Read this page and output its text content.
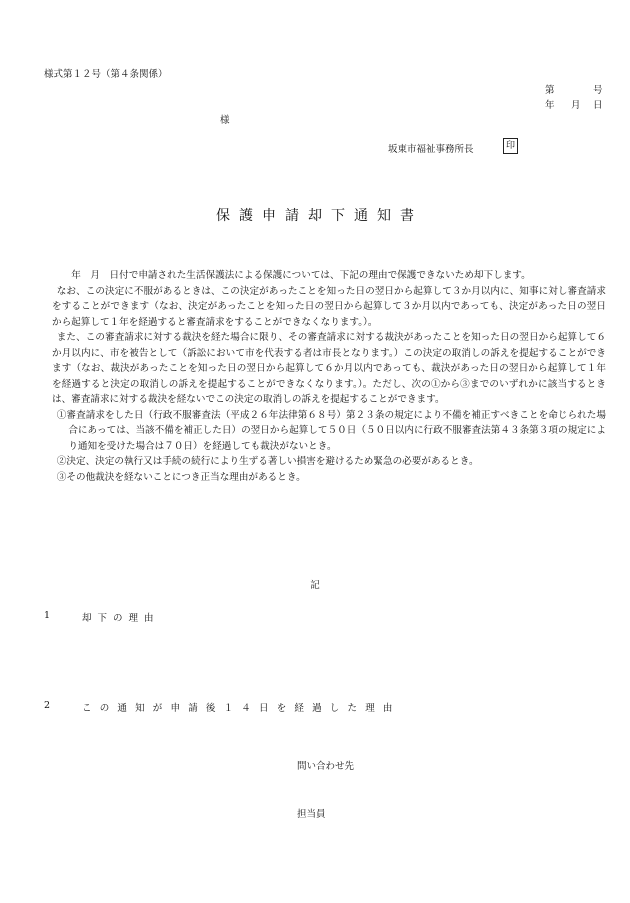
様式第１２号（第４条関係）
第	号
年 月 日
様
坂東市福祉事務所長	印
保護申請却下通知書

年　月　日付で申請された生活保護法による保護については、下記の理由で保護できないため却下します。

なお、この決定に不服があるときは、この決定があったことを知った日の翌日から起算して３か月以内に、知事に対し審査請求をすることができます（なお、決定があったことを知った日の翌日から起算して３か月以内であっても、決定があった日の翌日から起算して１年を経過すると審査請求をすることができなくなります。）。

また、この審査請求に対する裁決を経た場合に限り、その審査請求に対する裁決があったことを知った日の翌日から起算して６か月以内に、市を被告として（訴訟において市を代表する者は市長となります。）この決定の取消しの訴えを提起することができます（なお、裁決があったことを知った日の翌日から起算して６か月以内であっても、裁決があった日の翌日から起算して１年を経過すると決定の取消しの訴えを提起することができなくなります。）。ただし、次の①から③までのいずれかに該当するときは、審査請求に対する裁決を経ないでこの決定の取消しの訴えを提起することができます。

①審査請求をした日（行政不服審査法（平成２６年法律第６８号）第２３条の規定により不備を補正すべきことを命じられた場合にあっては、当該不備を補正した日）の翌日から起算して５０日（５０日以内に行政不服審査法第４３条第３項の規定により通知を受けた場合は７０日）を経過しても裁決がないとき。

②決定、決定の執行又は手続の続行により生ずる著しい損害を避けるため緊急の必要があるとき。

③その他裁決を経ないことにつき正当な理由があるとき。

記
1	却下の理由
2	この通知が申請後１４日を経過した理由
問い合わせ先
担当員
